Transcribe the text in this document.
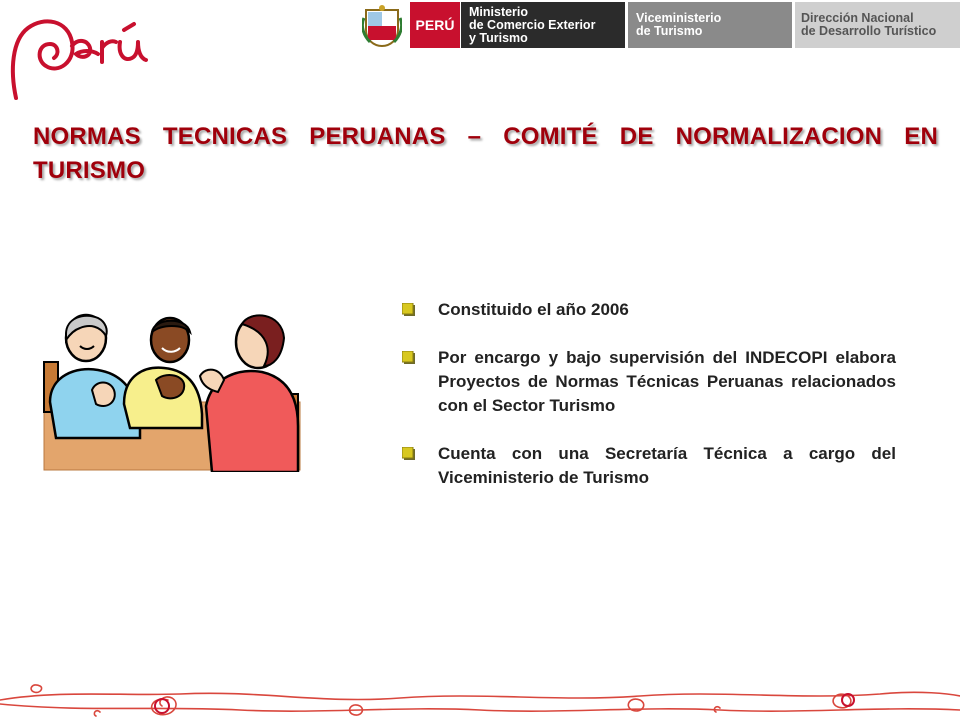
PERÚ
Ministerio
de Comercio Exterior
y Turismo
Viceministerio
de Turismo
Dirección Nacional
de Desarrollo Turístico
NORMAS TECNICAS PERUANAS – COMITÉ DE NORMALIZACION EN
TURISMO
Constituido el año 2006
Por encargo y bajo supervisión del INDECOPI elabora Proyectos de Normas Técnicas Peruanas relacionados con el Sector Turismo
Cuenta con una Secretaría Técnica a cargo del Viceministerio de Turismo
